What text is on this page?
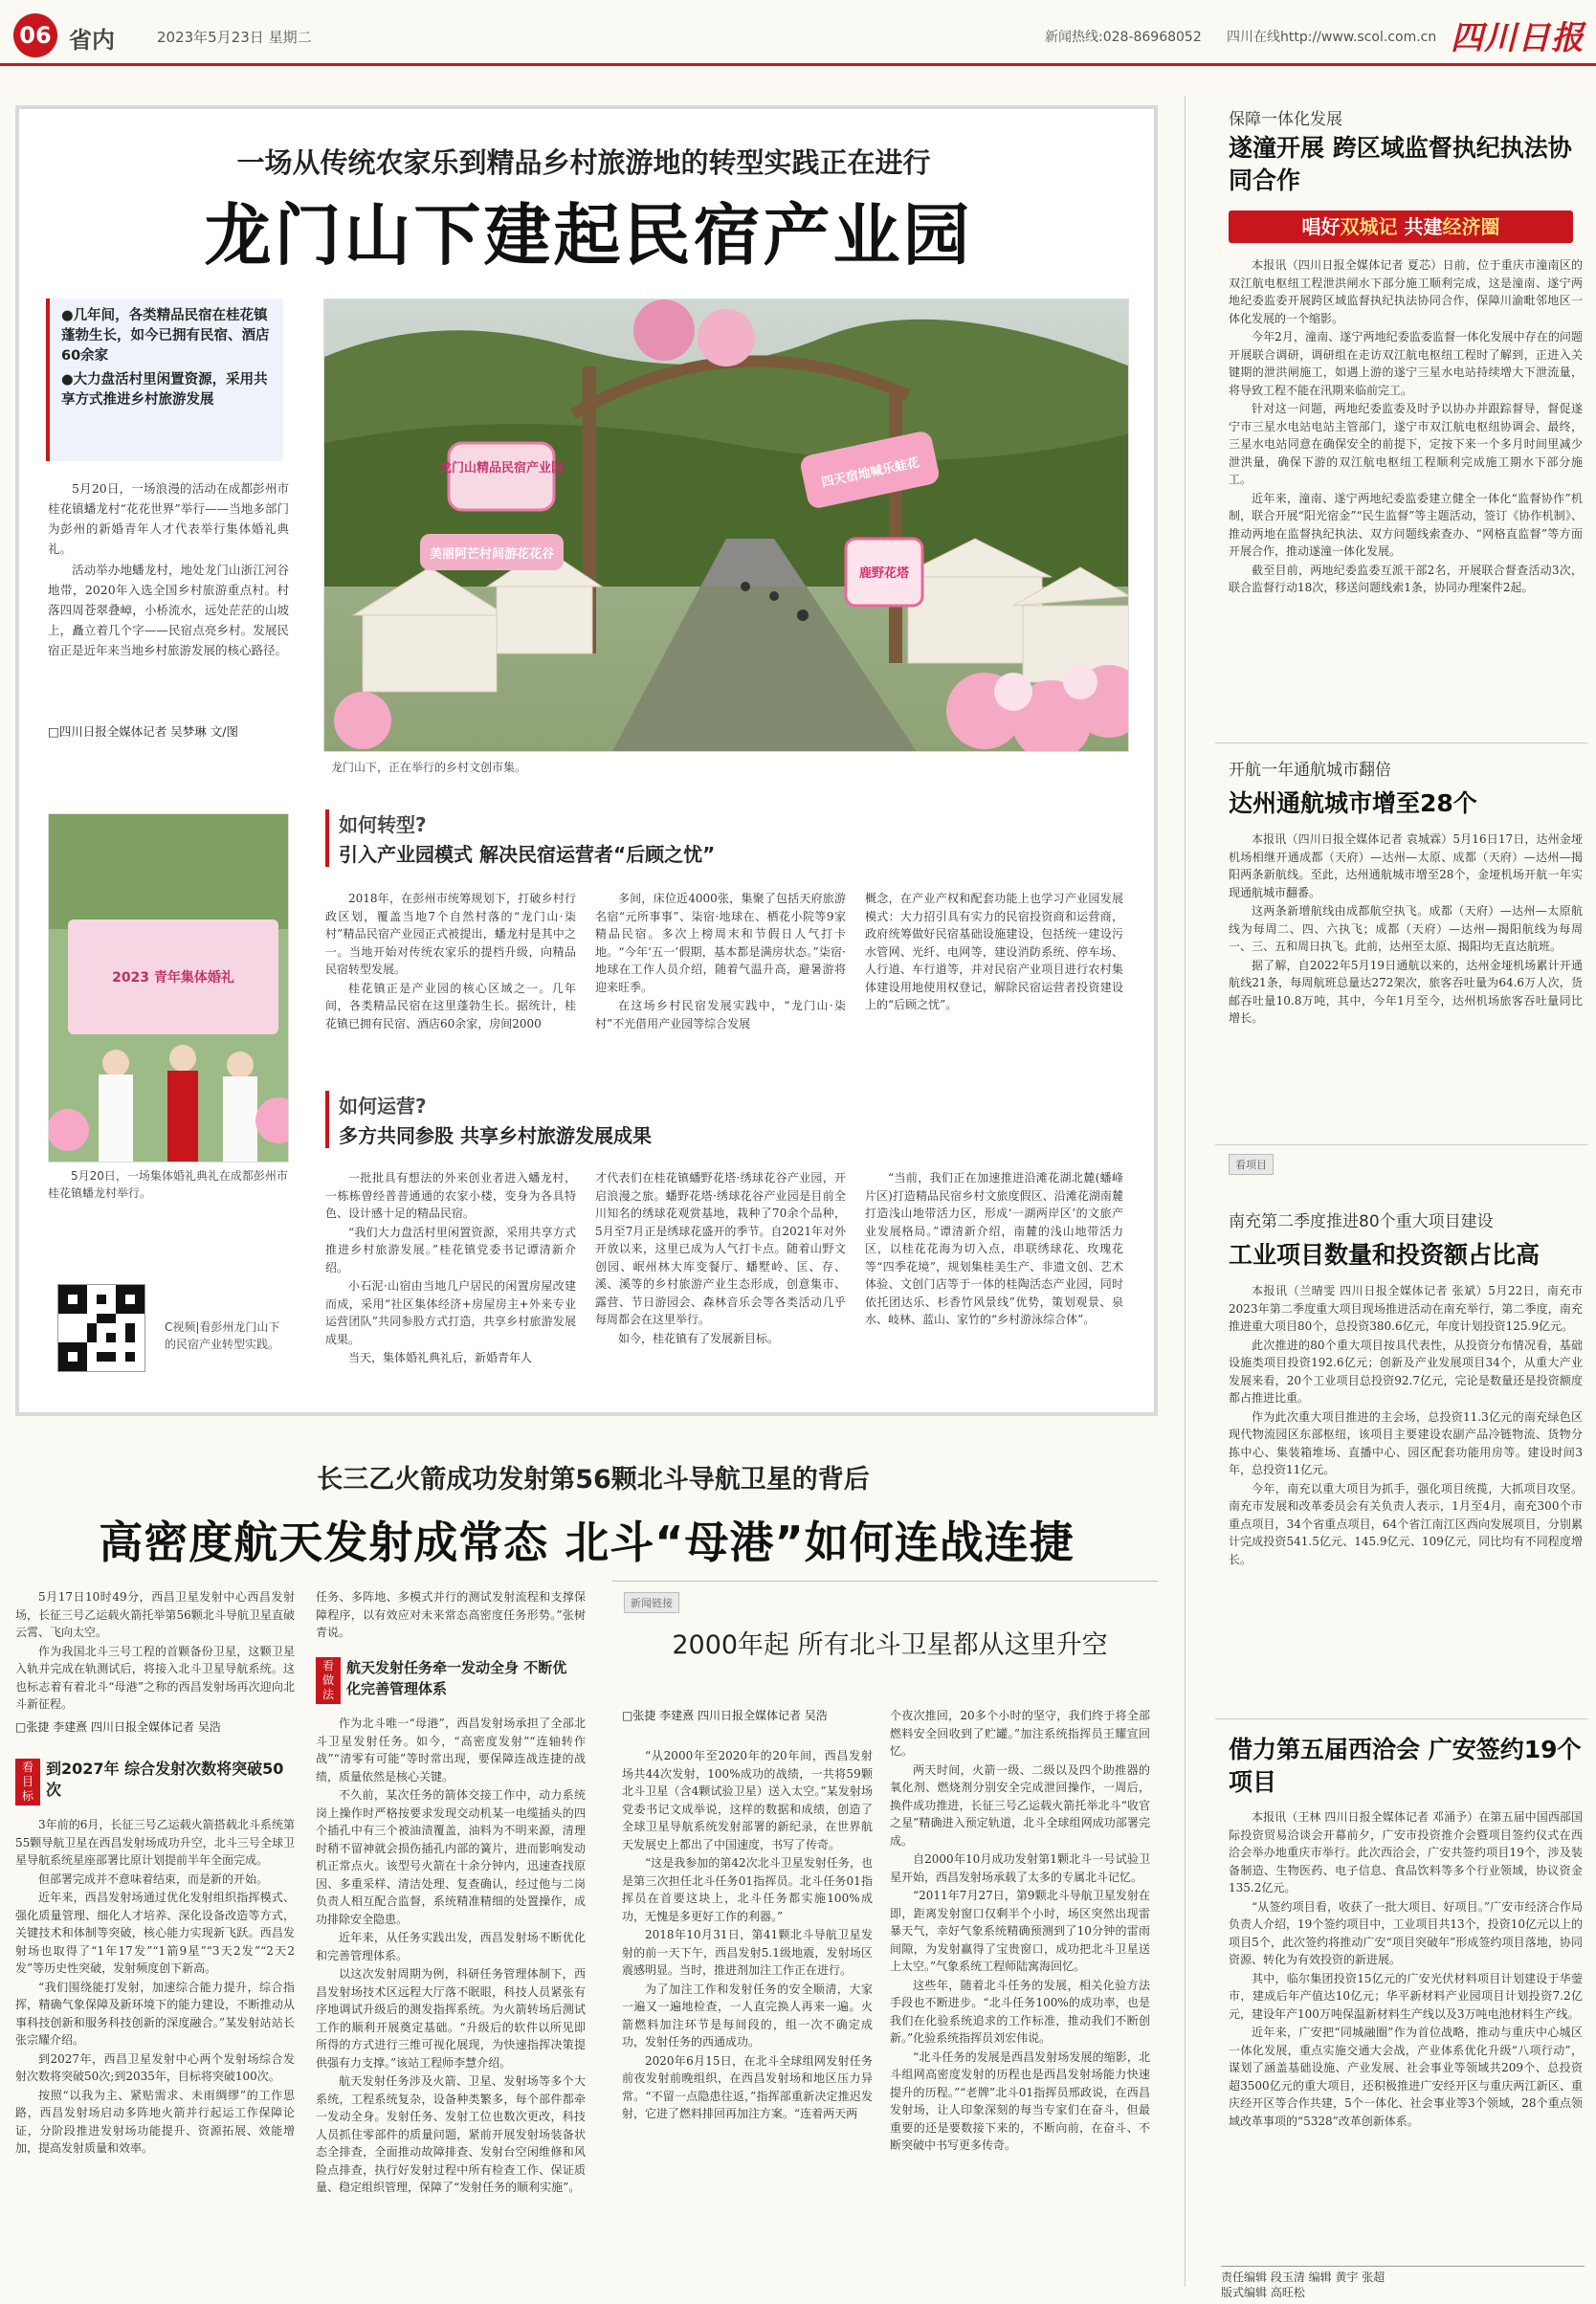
06 省内	2023年5月23日 星期二	新闻热线:028-86968052 四川在线http://www.scol.com.cn 四川日报
一场从传统农家乐到精品乡村旅游地的转型实践正在进行
龙门山下建起民宿产业园
●几年间，各类精品民宿在桂花镇蓬勃生长，如今已拥有民宿、酒店60余家
●大力盘活村里闲置资源，采用共享方式推进乡村旅游发展

5月20日，一场浪漫的活动在成都彭州市桂花镇蟠龙村“花花世界”举行——当地多部门为彭州的新婚青年人才代表举行集体婚礼典礼。

活动举办地蟠龙村，地处龙门山浙江河谷地带，2020年入选全国乡村旅游重点村。村落四周苍翠叠嶂，小桥流水，远处茫茫的山坡上，矗立着几个字——民宿点亮乡村。发展民宿正是近年来当地乡村旅游发展的核心路径。

□四川日报全媒体记者 吴梦琳 文/图
龙门山精品民宿产业园
美丽阿芒村间游花花谷
四天宿地喊乐蛙花
鹿野花塔
龙门山下，正在举行的乡村文创市集。
2023 青年集体婚礼
5月20日，一场集体婚礼典礼在成都彭州市桂花镇蟠龙村举行。
C视频|看彭州龙门山下的民宿产业转型实践。
如何转型?
引入产业园模式 解决民宿运营者“后顾之忧”

2018年，在彭州市统筹规划下，打破乡村行政区划，覆盖当地7个自然村落的“龙门山·柒村”精品民宿产业园正式被提出，蟠龙村是其中之一。当地开始对传统农家乐的提档升级，向精品民宿转型发展。

桂花镇正是产业园的核心区域之一。几年间，各类精品民宿在这里蓬勃生长。据统计，桂花镇已拥有民宿、酒店60余家，房间2000

多间，床位近4000张，集聚了包括天府旅游名宿“元所事事”、柒宿·地球在、栖花小院等9家精品民宿。多次上榜周末和节假日人气打卡地。“今年‘五一’假期，基本都是满房状态。”柒宿·地球在工作人员介绍，随着气温升高，避暑游将迎来旺季。

在这场乡村民宿发展实践中，“龙门山·柒村”不光借用产业园等综合发展

概念，在产业产权和配套功能上也学习产业园发展模式：大力招引具有实力的民宿投资商和运营商，政府统筹做好民宿基础设施建设，包括统一建设污水管网、光纤、电网等，建设消防系统、停车场、人行道、车行道等，并对民宿产业项目进行农村集体建设用地使用权登记，解除民宿运营者投资建设上的“后顾之忧”。

如何运营?
多方共同参股 共享乡村旅游发展成果

一批批具有想法的外来创业者进入蟠龙村，一栋栋曾经普普通通的农家小楼，变身为各具特色、设计感十足的精品民宿。

“我们大力盘活村里闲置资源，采用共享方式推进乡村旅游发展。”桂花镇党委书记谭清新介绍。

小石泥·山宿由当地几户居民的闲置房屋改建而成，采用“社区集体经济+房屋房主+外来专业运营团队”共同参股方式打造，共享乡村旅游发展成果。

当天，集体婚礼典礼后，新婚青年人

才代表们在桂花镇蟠野花塔·绣球花谷产业园，开启浪漫之旅。蟠野花塔·绣球花谷产业园是目前全川知名的绣球花观赏基地，栽种了70余个品种，5月至7月正是绣球花盛开的季节。自2021年对外开放以来，这里已成为人气打卡点。随着山野文创园、岷州林大库变餐厅、蟠墅岭、匡、存、溪、溪等的乡村旅游产业生态形成，创意集市、露营、节日游园会、森林音乐会等各类活动几乎每周都会在这里举行。

如今，桂花镇有了发展新目标。

“当前，我们正在加速推进沿滩花湖北麓(蟠峰片区)打造精品民宿乡村文旅度假区、沿滩花湖南麓打造浅山地带活力区，形成‘一湖两岸区’的文旅产业发展格局。”谭清新介绍，南麓的浅山地带活力区，以桂花花海为切入点，串联绣球花、玫瑰花等“四季花境”，规划集桂美生产、非遗文创、艺术体验、文创门店等于一体的桂陶活态产业园，同时依托团达乐、杉香竹风景线”优势，策划观景、泉水、岐林、蓝山、家竹的“乡村游泳综合体”。

长三乙火箭成功发射第56颗北斗导航卫星的背后
高密度航天发射成常态 北斗“母港”如何连战连捷

5月17日10时49分，西昌卫星发射中心西昌发射场，长征三号乙运载火箭托举第56颗北斗导航卫星直破云霄、飞向太空。

作为我国北斗三号工程的首颗备份卫星，这颗卫星入轨并完成在轨测试后，将接入北斗卫星导航系统。这也标志着有着北斗“母港”之称的西昌发射场再次迎向北斗新征程。

□张捷 李建熹 四川日报全媒体记者 吴浩
看目标
到2027年 综合发射次数将突破50次

3年前的6月，长征三号乙运载火箭搭载北斗系统第55颗导航卫星在西昌发射场成功升空，北斗三号全球卫星导航系统星座部署比原计划提前半年全面完成。

但部署完成并不意味着结束，而是新的开始。

近年来，西昌发射场通过优化发射组织指挥模式、强化质量管理、细化人才培养、深化设备改造等方式，关键技术和体制等突破，核心能力实现新飞跃。西昌发射场也取得了“1年17发”“1箭9星”“3天2发”“2天2发”等历史性突破，发射频度创下新高。

“我们围绕能打发射，加速综合能力提升，综合指挥，精确气象保障及新环境下的能力建设，不断推动从事科技创新和服务科技创新的深度融合。”某发射站站长张宗耀介绍。

到2027年，西昌卫星发射中心两个发射场综合发射次数将突破50次;到2035年，目标将突破100次。

按照“以我为主、紧贴需求、未雨绸缪”的工作思路，西昌发射场启动多阵地火箭并行起运工作保障论证，分阶段推进发射场功能提升、资源拓展、效能增加，提高发射质量和效率。

任务、多阵地、多模式并行的测试发射流程和支撑保障程序，以有效应对未来常态高密度任务形势。”张树青说。

看做法
航天发射任务牵一发动全身 不断优化完善管理体系

作为北斗唯一“母港”，西昌发射场承担了全部北斗卫星发射任务。如今，“高密度发射”“连轴转作战”“清零有可能”等时常出现，要保障连战连捷的战绩，质量依然是核心关键。

不久前，某次任务的箭体交接工作中，动力系统岗上操作时严格按要求发现交动机某一电缆插头的四个插孔中有三个被油渍覆盖，油料为不明来源，清理时稍不留神就会损伤插孔内部的簧片，进而影响发动机正常点火。该型号火箭在十余分钟内，迅速查找原因、多重采样、清洁处理、复查确认，经过他与二岗负责人相互配合监督，系统精准精细的处置操作，成功排除安全隐患。

近年来，从任务实践出发，西昌发射场不断优化和完善管理体系。

以这次发射周期为例，科研任务管理体制下，西昌发射场技术区远程大厅落不眠眼，科技人员紧张有序地调试升级后的测发指挥系统。为火箭转场后测试工作的顺利开展奠定基础。“升级后的软件以所见即所得的方式进行三维可视化展现，为快速指挥决策提供强有力支撑。”该站工程师李慧介绍。

航天发射任务涉及火箭、卫星、发射场等多个大系统，工程系统复杂，设备种类繁多，每个部件都牵一发动全身。发射任务、发射工位也数次更改，科技人员抓住零部件的质量问题，紧前开展发射场装备状态全排查，全面推动故障排查、发射台空闲维修和风险点排查，执行好发射过程中所有检查工作、保证质量、稳定组织管理，保障了“发射任务的顺利实施”。

新闻链接
2000年起 所有北斗卫星都从这里升空
□张捷 李建熹 四川日报全媒体记者 吴浩

“从2000年至2020年的20年间，西昌发射场共44次发射，100%成功的战绩，一共将59颗北斗卫星（含4颗试验卫星）送入太空。”某发射场党委书记文成举说，这样的数据和成绩，创造了全球卫星导航系统发射部署的新纪录，在世界航天发展史上都出了中国速度，书写了传奇。

“这是我参加的第42次北斗卫星发射任务，也是第三次担任北斗任务01指挥员。北斗任务01指挥员在首要这块上，北斗任务都实施100%成功，无愧是多更好工作的利器。”

2018年10月31日，第41颗北斗导航卫星发射的前一天下午，西昌发射5.1级地震，发射场区震感明显。当时，推进剂加注工作正在进行。

为了加注工作和发射任务的安全顺清，大家一遍又一遍地检查，一人直完换人再来一遍。火箭燃料加注环节是每间段的，组一次不确定成功，发射任务的西通成功。

2020年6月15日，在北斗全球组网发射任务前夜发射前晚组织，在西昌发射场和地区压力异常。“不留一点隐患往返，”指挥部重新决定推迟发射，它进了燃料排回再加注方案。“连着两天两

个夜次推回，20多个小时的坚守，我们终于将全部燃料安全回收到了贮罐。”加注系统指挥员王耀宣回忆。

两天时间，火箭一级、二级以及四个助推器的氧化剂、燃烧剂分别安全完成泄回操作，一周后，换件成功推进，长征三号乙运载火箭托举北斗“收官之星”精确进入预定轨道，北斗全球组网成功部署完成。

自2000年10月成功发射第1颗北斗一号试验卫星开始，西昌发射场承载了太多的专属北斗记忆。

“2011年7月27日，第9颗北斗导航卫星发射在即，距离发射窗口仅剩半个小时，场区突然出现雷暴天气，幸好气象系统精确预测到了10分钟的雷雨间隙，为发射赢得了宝贵窗口，成功把北斗卫星送上太空。”气象系统工程师陆寓海回忆。

这些年，随着北斗任务的发展，相关化验方法手段也不断进步。“北斗任务100%的成功率，也是我们在化验系统追求的工作标准，推动我们不断创新。”化验系统指挥员刘宏伟说。

“北斗任务的发展是西昌发射场发展的缩影，北斗组网高密度发射的历程也是西昌发射场能力快速提升的历程。”“老牌”北斗01指挥员邢政说，在西昌发射场，让人印象深刻的每当专家们在奋斗，但最重要的还是要数接下来的，不断向前，在奋斗、不断突破中书写更多传奇。

保障一体化发展
遂潼开展 跨区域监督执纪执法协同合作
唱好双城记 共建经济圈

本报讯（四川日报全媒体记者 夏芯）日前，位于重庆市潼南区的双江航电枢纽工程泄洪闸水下部分施工顺利完成，这是潼南、遂宁两地纪委监委开展跨区域监督执纪执法协同合作，保障川渝毗邻地区一体化发展的一个缩影。

今年2月，潼南、遂宁两地纪委监委监督一体化发展中存在的问题开展联合调研，调研组在走访双江航电枢纽工程时了解到，正进入关键期的泄洪闸施工，如遇上游的遂宁三星水电站持续增大下泄流量，将导致工程不能在汛期来临前完工。

针对这一问题，两地纪委监委及时予以协办并跟踪督导，督促遂宁市三星水电站电站主管部门，遂宁市双江航电枢纽协调会、最终，三星水电站同意在确保安全的前提下，定按下来一个多月时间里减少泄洪量，确保下游的双江航电枢纽工程顺利完成施工期水下部分施工。

近年来，潼南、遂宁两地纪委监委建立健全一体化“监督协作”机制，联合开展“阳光宿金”“民生监督”等主题活动，签订《协作机制》、推动两地在监督执纪执法、双方问题线索查办、“网格直监督”等方面开展合作，推动遂潼一体化发展。

截至目前，两地纪委监委互派干部2名，开展联合督查活动3次，联合监督行动18次，移送问题线索1条，协同办理案件2起。

开航一年通航城市翻倍
达州通航城市增至28个

本报讯（四川日报全媒体记者 袁城霖）5月16日17日，达州金垭机场相继开通成都（天府）—达州—太原、成都（天府）—达州—揭阳两条新航线。至此，达州通航城市增至28个，金垭机场开航一年实现通航城市翻番。

这两条新增航线由成都航空执飞。成都（天府）—达州—太原航线为每周二、四、六执飞；成都（天府）—达州—揭阳航线为每周一、三、五和周日执飞。此前，达州至太原、揭阳均无直达航班。

据了解，自2022年5月19日通航以来的，达州金垭机场累计开通航线21条，每周航班总量达272架次，旅客吞吐量为64.6万人次，货邮吞吐量10.8万吨，其中，今年1月至今，达州机场旅客吞吐量同比增长。

看项目
南充第二季度推进80个重大项目建设
工业项目数量和投资额占比高

本报讯（兰晴雯 四川日报全媒体记者 张斌）5月22日，南充市2023年第二季度重大项目现场推进活动在南充举行，第二季度，南充推进重大项目80个，总投资380.6亿元，年度计划投资125.9亿元。

此次推进的80个重大项目按具代表性，从投资分布情况看，基础设施类项目投资192.6亿元；创新及产业发展项目34个，从重大产业发展来看，20个工业项目总投资92.7亿元，完论是数量还是投资额度都占推进比重。

作为此次重大项目推进的主会场，总投资11.3亿元的南充绿色区现代物流园区东部枢纽，该项目主要建设农副产品冷链物流、货物分拣中心、集装箱堆场、直播中心、园区配套功能用房等。建设时间3年，总投资11亿元。

今年，南充以重大项目为抓手，强化项目统揽，大抓项目攻坚。南充市发展和改革委员会有关负责人表示，1月至4月，南充300个市重点项目，34个省重点项目，64个省江南江区西向发展项目，分别累计完成投资541.5亿元、145.9亿元、109亿元，同比均有不同程度增长。

借力第五届西洽会 广安签约19个项目

本报讯（王林 四川日报全媒体记者 邓涌予）在第五届中国西部国际投资贸易洽谈会开幕前夕，广安市投资推介会暨项目签约仪式在西洽会举办地重庆市举行。此次西洽会，广安共签约项目19个，涉及装备制造、生物医药、电子信息、食品饮料等多个行业领域，协议资金135.2亿元。

“从签约项目看，收获了一批大项目、好项目。”广安市经济合作局负责人介绍，19个签约项目中，工业项目共13个，投资10亿元以上的项目5个，此次签约将推动广安“项目突破年”形成签约项目落地，协同资源、转化为有效投资的新进展。

其中，临尔集团投资15亿元的广安光伏材料项目计划建设于华蓥市，建成后年产值达10亿元；华平新材料产业园项目计划投资7.2亿元，建设年产100万吨保温新材料生产线以及3万吨电池材料生产线。

近年来，广安把“同城融圈”作为首位战略，推动与重庆中心城区一体化发展，重点实施交通大会战，产业体系优化升级“八项行动”，谋划了涵盖基础设施、产业发展、社会事业等领域共209个、总投资超3500亿元的重大项目，还积极推进广安经开区与重庆两江新区、重庆经开区等合作共建，5个一体化、社会事业等3个领域，28个重点领域改革事项的“5328”改革创新体系。

责任编辑 段玉清 编辑 黄宇 张超
版式编辑 高旺松
